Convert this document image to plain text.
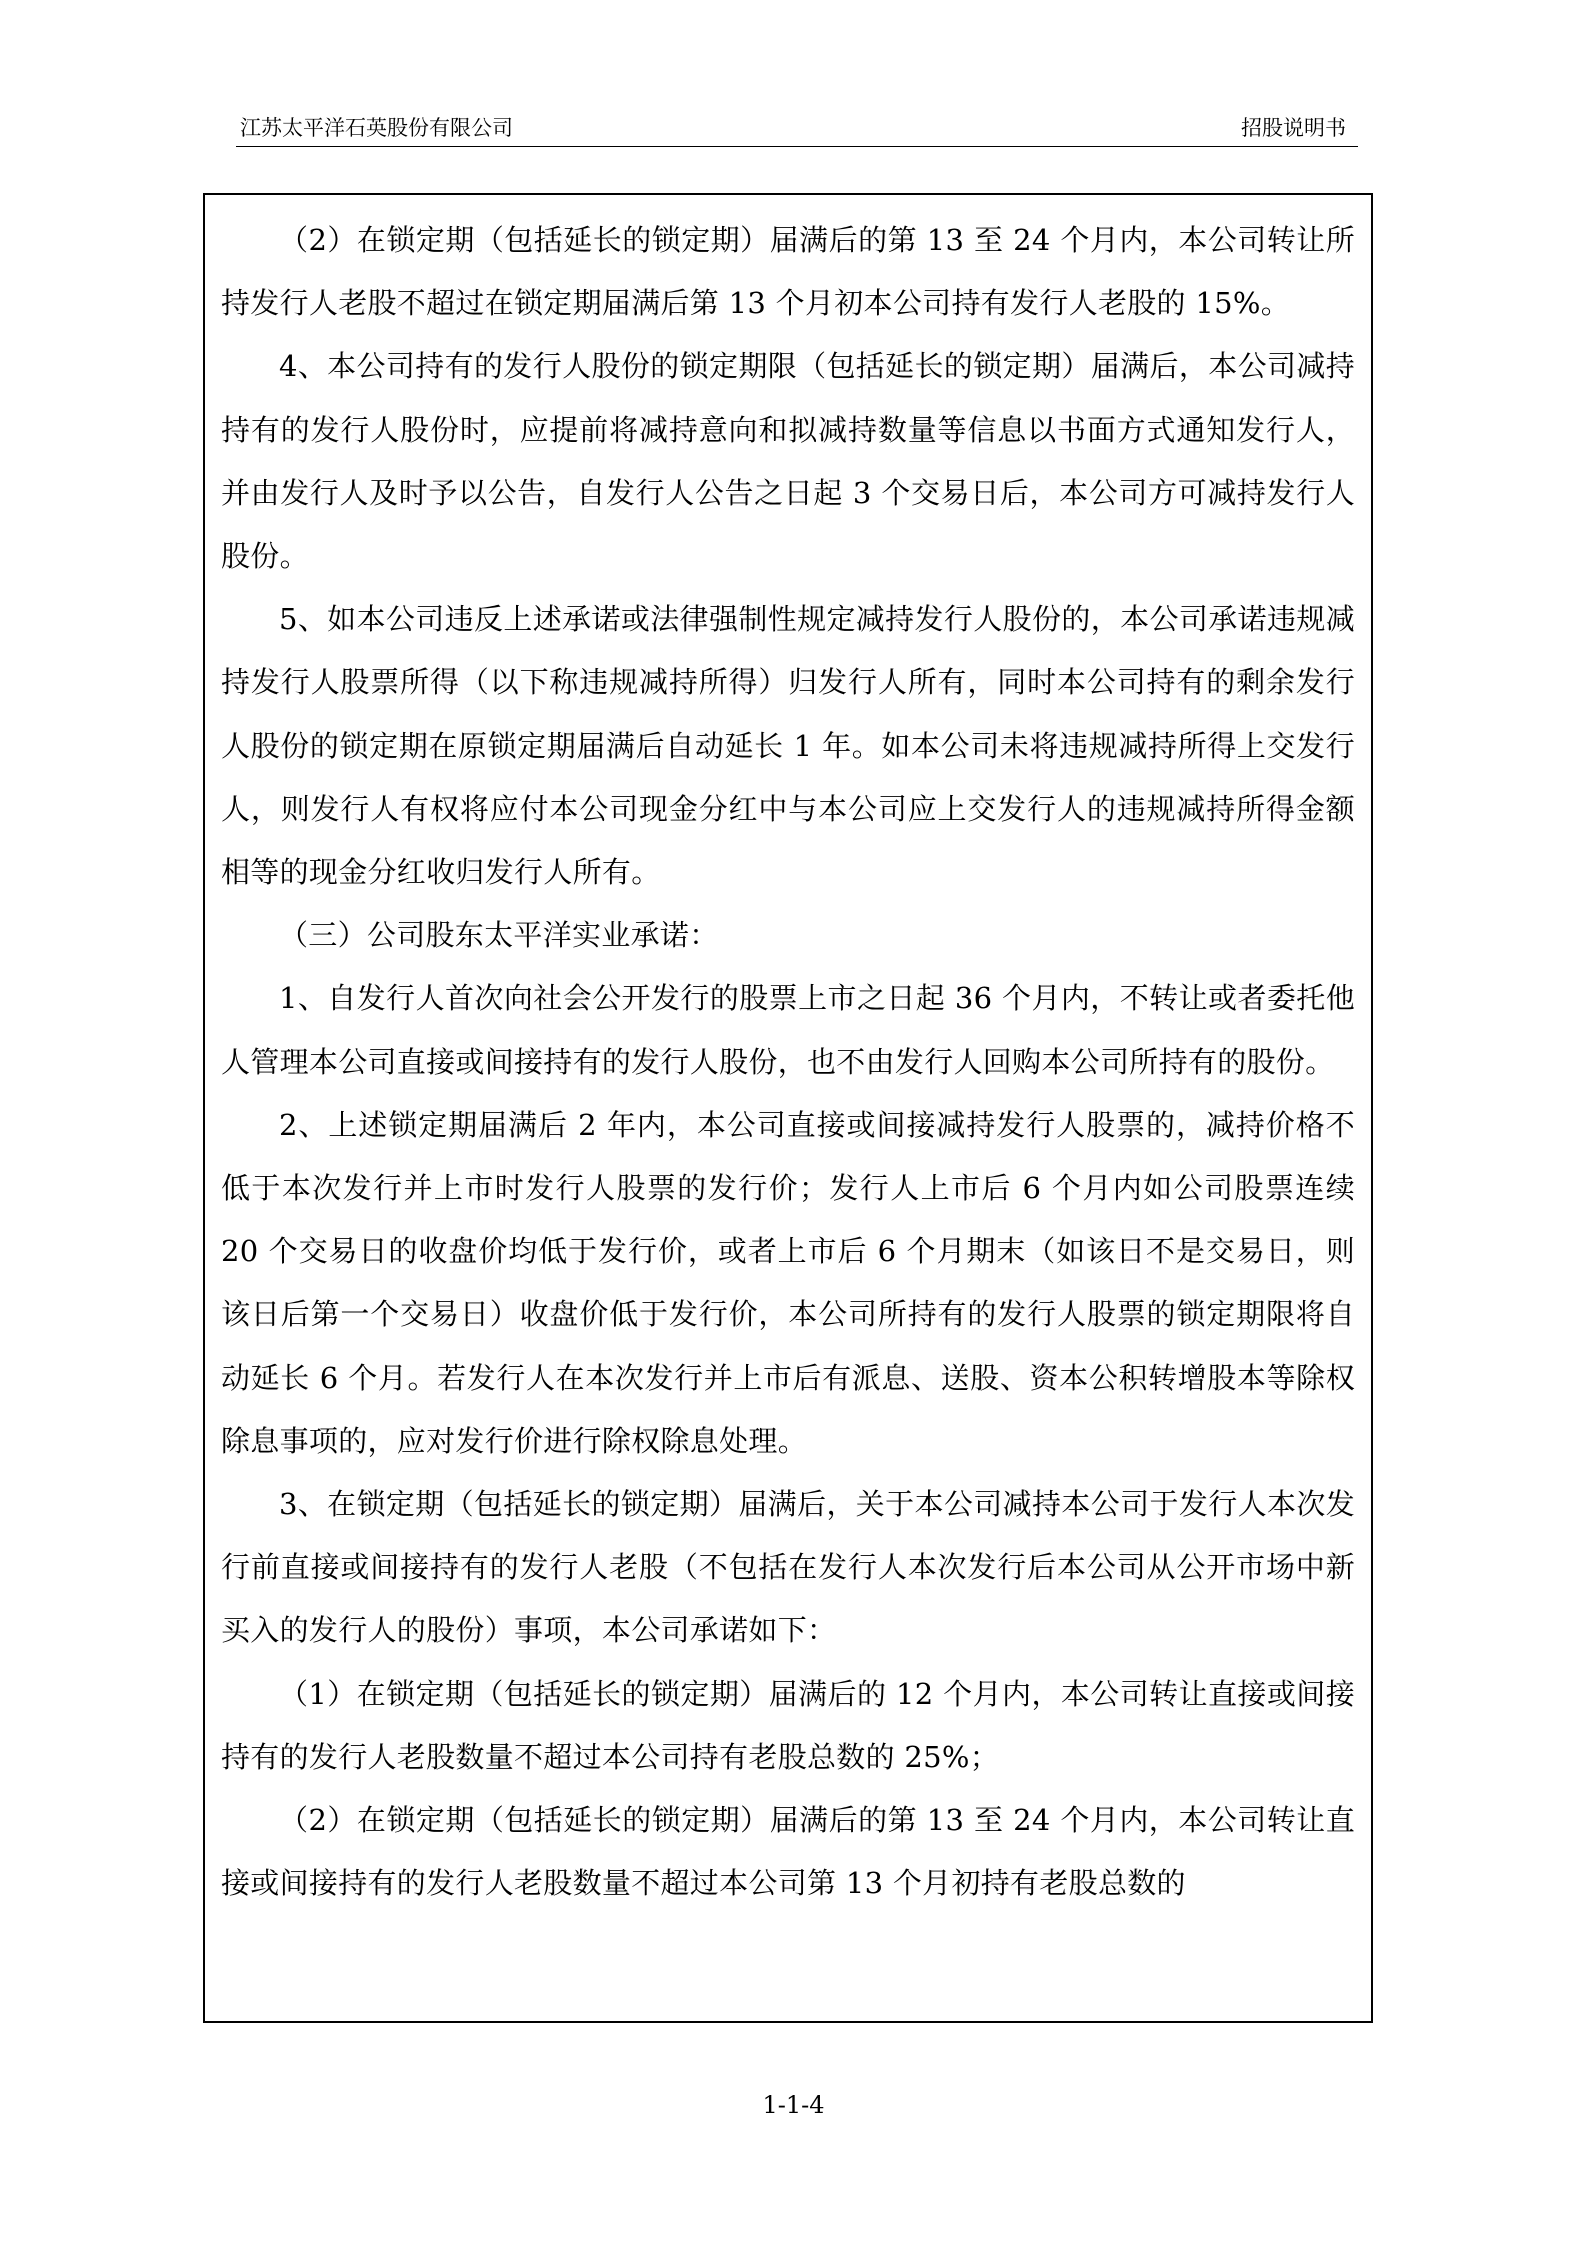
江苏太平洋石英股份有限公司	招股说明书

（2）在锁定期（包括延长的锁定期）届满后的第 13 至 24 个月内，本公司转让所持发行人老股不超过在锁定期届满后第 13 个月初本公司持有发行人老股的 15%。

4、本公司持有的发行人股份的锁定期限（包括延长的锁定期）届满后，本公司减持持有的发行人股份时，应提前将减持意向和拟减持数量等信息以书面方式通知发行人，并由发行人及时予以公告，自发行人公告之日起 3 个交易日后，本公司方可减持发行人股份。

5、如本公司违反上述承诺或法律强制性规定减持发行人股份的，本公司承诺违规减持发行人股票所得（以下称违规减持所得）归发行人所有，同时本公司持有的剩余发行人股份的锁定期在原锁定期届满后自动延长 1 年。如本公司未将违规减持所得上交发行人，则发行人有权将应付本公司现金分红中与本公司应上交发行人的违规减持所得金额相等的现金分红收归发行人所有。

（三）公司股东太平洋实业承诺：

1、自发行人首次向社会公开发行的股票上市之日起 36 个月内，不转让或者委托他人管理本公司直接或间接持有的发行人股份，也不由发行人回购本公司所持有的股份。

2、上述锁定期届满后 2 年内，本公司直接或间接减持发行人股票的，减持价格不低于本次发行并上市时发行人股票的发行价；发行人上市后 6 个月内如公司股票连续 20 个交易日的收盘价均低于发行价，或者上市后 6 个月期末（如该日不是交易日，则该日后第一个交易日）收盘价低于发行价，本公司所持有的发行人股票的锁定期限将自动延长 6 个月。若发行人在本次发行并上市后有派息、送股、资本公积转增股本等除权除息事项的，应对发行价进行除权除息处理。

3、在锁定期（包括延长的锁定期）届满后，关于本公司减持本公司于发行人本次发行前直接或间接持有的发行人老股（不包括在发行人本次发行后本公司从公开市场中新买入的发行人的股份）事项，本公司承诺如下：

（1）在锁定期（包括延长的锁定期）届满后的 12 个月内，本公司转让直接或间接持有的发行人老股数量不超过本公司持有老股总数的 25%；

（2）在锁定期（包括延长的锁定期）届满后的第 13 至 24 个月内，本公司转让直接或间接持有的发行人老股数量不超过本公司第 13 个月初持有老股总数的

1-1-4
